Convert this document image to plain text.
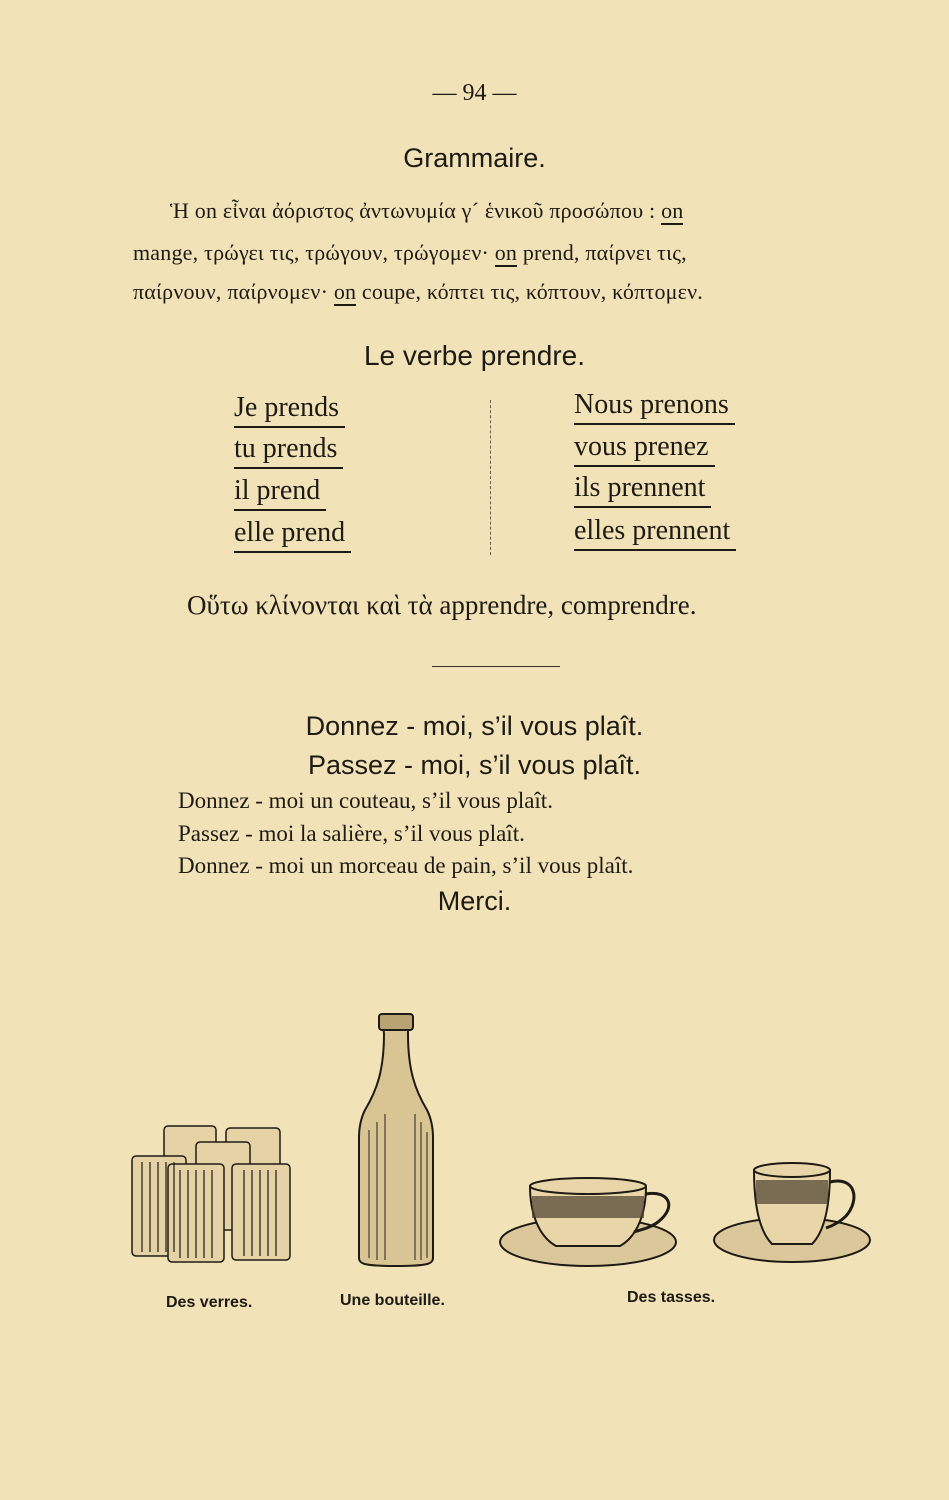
— 94 —
Grammaire.
Ἡ on εἶναι ἀόριστος ἀντωνυμία γ´ ἑνικοῦ προσώπου : on
mange, τρώγει τις, τρώγουν, τρώγομεν· on prend, παίρνει τις,
παίρνουν, παίρνομεν· on coupe, κόπτει τις, κόπτουν, κόπτομεν.
Le verbe prendre.
Je prends
tu prends
il prend
elle prend
Nous prenons
vous prenez
ils prennent
elles prennent
Οὕτω κλίνονται καὶ τὰ apprendre, comprendre.
Donnez - moi, s’il vous plaît.
Passez - moi, s’il vous plaît.
Donnez - moi un couteau, s’il vous plaît.
Passez - moi la salière, s’il vous plaît.
Donnez - moi un morceau de pain, s’il vous plaît.
Merci.
Des verres.	Une bouteille.	Des tasses.
